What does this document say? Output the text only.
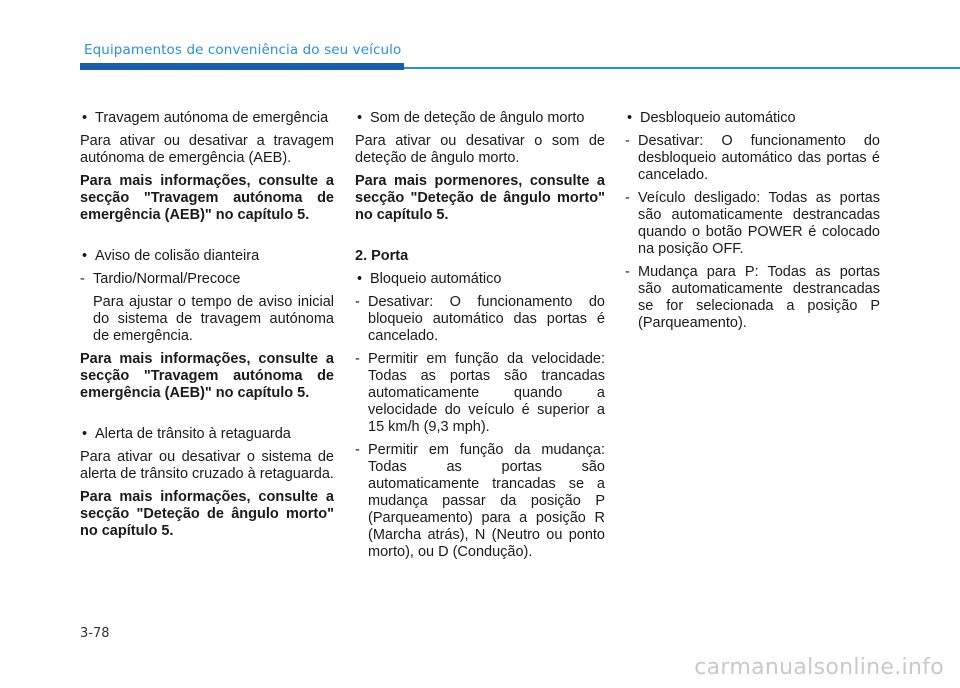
Equipamentos de conveniência do seu veículo

• Travagem autónoma de emergência

Para ativar ou desativar a travagem autónoma de emergência (AEB).

Para mais informações, consulte a secção "Travagem autónoma de emergência (AEB)" no capítulo 5.

• Aviso de colisão dianteira

- Tardio/Normal/Precoce

Para ajustar o tempo de aviso inicial do sistema de travagem autónoma de emergência.

Para mais informações, consulte a secção "Travagem autónoma de emergência (AEB)" no capítulo 5.

• Alerta de trânsito à retaguarda

Para ativar ou desativar o sistema de alerta de trânsito cruzado à retaguarda.

Para mais informações, consulte a secção "Deteção de ângulo morto" no capítulo 5.

• Som de deteção de ângulo morto

Para ativar ou desativar o som de deteção de ângulo morto.

Para mais pormenores, consulte a secção "Deteção de ângulo morto" no capítulo 5.

2. Porta

• Bloqueio automático

- Desativar: O funcionamento do bloqueio automático das portas é cancelado.

- Permitir em função da velocidade: Todas as portas são trancadas automaticamente quando a velocidade do veículo é superior a 15 km/h (9,3 mph).

- Permitir em função da mudança: Todas as portas são automaticamente trancadas se a mudança passar da posição P (Parqueamento) para a posição R (Marcha atrás), N (Neutro ou ponto morto), ou D (Condução).

• Desbloqueio automático

- Desativar: O funcionamento do desbloqueio automático das portas é cancelado.

- Veículo desligado: Todas as portas são automaticamente destrancadas quando o botão POWER é colocado na posição OFF.

- Mudança para P: Todas as portas são automaticamente destrancadas se for selecionada a posição P (Parqueamento).

3-78
carmanualsonline.info
